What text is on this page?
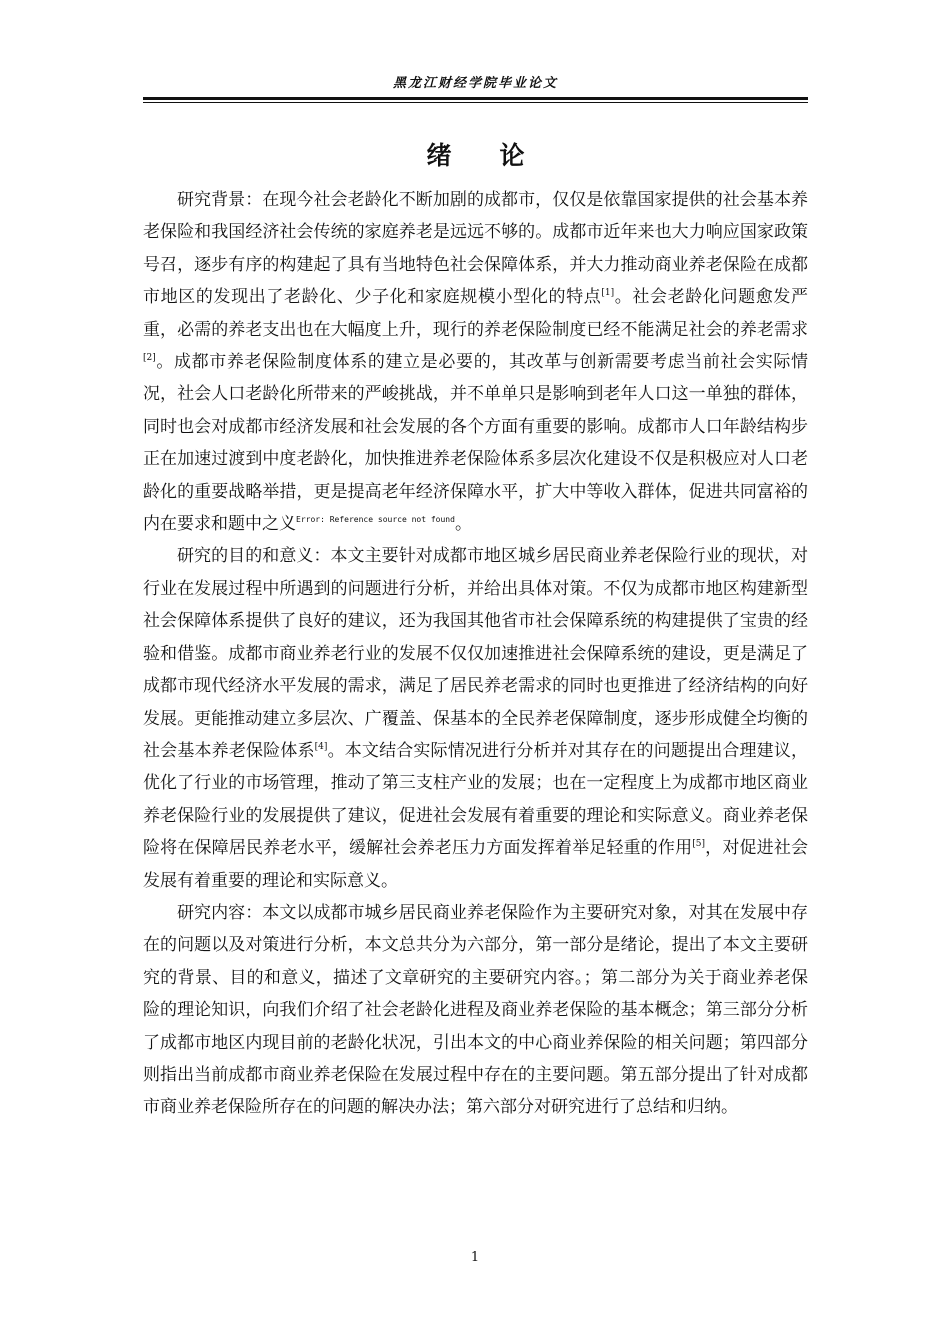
黑龙江财经学院毕业论文
绪论

研究背景：在现今社会老龄化不断加剧的成都市，仅仅是依靠国家提供的社会基本养老保险和我国经济社会传统的家庭养老是远远不够的。成都市近年来也大力响应国家政策号召，逐步有序的构建起了具有当地特色社会保障体系，并大力推动商业养老保险在成都市地区的发现出了老龄化、少子化和家庭规模小型化的特点[1]。社会老龄化问题愈发严重，必需的养老支出也在大幅度上升，现行的养老保险制度已经不能满足社会的养老需求[2]。成都市养老保险制度体系的建立是必要的，其改革与创新需要考虑当前社会实际情况，社会人口老龄化所带来的严峻挑战，并不单单只是影响到老年人口这一单独的群体，同时也会对成都市经济发展和社会发展的各个方面有重要的影响。成都市人口年龄结构步正在加速过渡到中度老龄化，加快推进养老保险体系多层次化建设不仅是积极应对人口老龄化的重要战略举措，更是提高老年经济保障水平，扩大中等收入群体，促进共同富裕的内在要求和题中之义$^{Error: Reference source not found}$。

研究的目的和意义：本文主要针对成都市地区城乡居民商业养老保险行业的现状，对行业在发展过程中所遇到的问题进行分析，并给出具体对策。不仅为成都市地区构建新型社会保障体系提供了良好的建议，还为我国其他省市社会保障系统的构建提供了宝贵的经验和借鉴。成都市商业养老行业的发展不仅仅加速推进社会保障系统的建设，更是满足了成都市现代经济水平发展的需求，满足了居民养老需求的同时也更推进了经济结构的向好发展。更能推动建立多层次、广覆盖、保基本的全民养老保障制度，逐步形成健全均衡的社会基本养老保险体系[4]。本文结合实际情况进行分析并对其存在的问题提出合理建议，优化了行业的市场管理，推动了第三支柱产业的发展；也在一定程度上为成都市地区商业养老保险行业的发展提供了建议，促进社会发展有着重要的理论和实际意义。商业养老保险将在保障居民养老水平，缓解社会养老压力方面发挥着举足轻重的作用[5]，对促进社会发展有着重要的理论和实际意义。

研究内容：本文以成都市城乡居民商业养老保险作为主要研究对象，对其在发展中存在的问题以及对策进行分析，本文总共分为六部分，第一部分是绪论，提出了本文主要研究的背景、目的和意义，描述了文章研究的主要研究内容。；第二部分为关于商业养老保险的理论知识，向我们介绍了社会老龄化进程及商业养老保险的基本概念；第三部分分析了成都市地区内现目前的老龄化状况，引出本文的中心商业养保险的相关问题；第四部分则指出当前成都市商业养老保险在发展过程中存在的主要问题。第五部分提出了针对成都市商业养老保险所存在的问题的解决办法；第六部分对研究进行了总结和归纳。

1
